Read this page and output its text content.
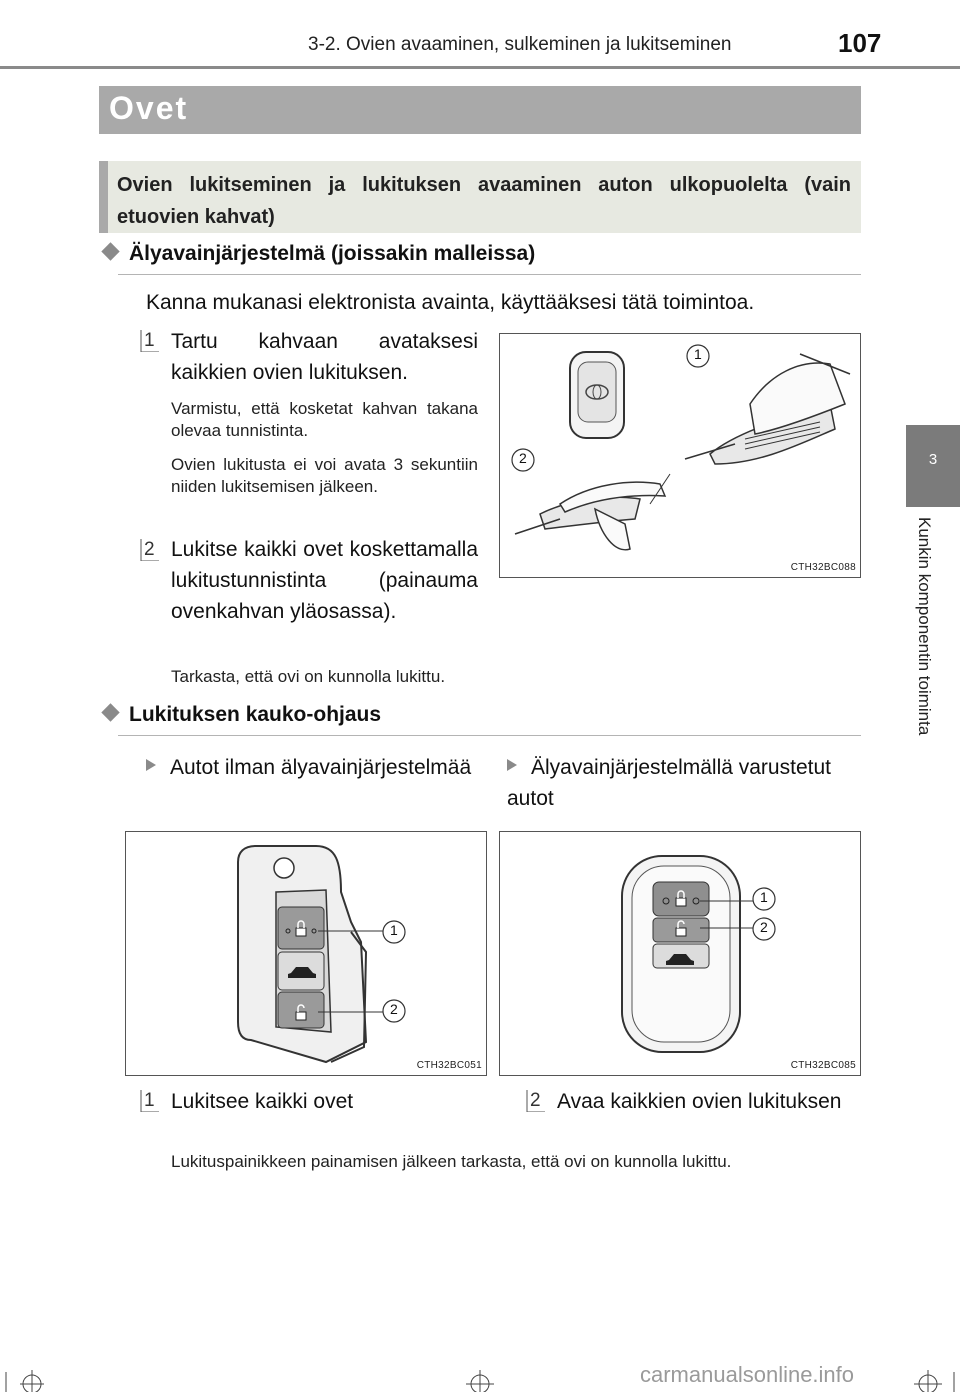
3-2. Ovien avaaminen, sulkeminen ja lukitseminen	107
3
Kunkin komponentin toiminta
Ovet
Ovien lukitseminen ja lukituksen avaaminen auton ulkopuolelta (vain etuovien kahvat)
Älyavainjärjestelmä (joissakin malleissa)
Kanna mukanasi elektronista avainta, käyttääksesi tätä toimintoa.
1 Tartu kahvaan avataksesi kaikkien ovien lukituksen.
Varmistu, että kosketat kahvan takana olevaa tunnistinta.
Ovien lukitusta ei voi avata 3 sekuntiin niiden lukitsemisen jälkeen.
2 Lukitse kaikki ovet koskettamalla lukitustunnistinta (painauma ovenkahvan yläosassa).
Tarkasta, että ovi on kunnolla lukittu.
1
2
CTH32BC088
Lukituksen kauko-ohjaus
Autot ilman älyavainjärjestelmää	Älyavainjärjestelmällä varustetut autot
1
2
CTH32BC051
1
2
CTH32BC085
1 Lukitsee kaikki ovet	2 Avaa kaikkien ovien lukituksen
Lukituspainikkeen painamisen jälkeen tarkasta, että ovi on kunnolla lukittu.
carmanualsonline.info
